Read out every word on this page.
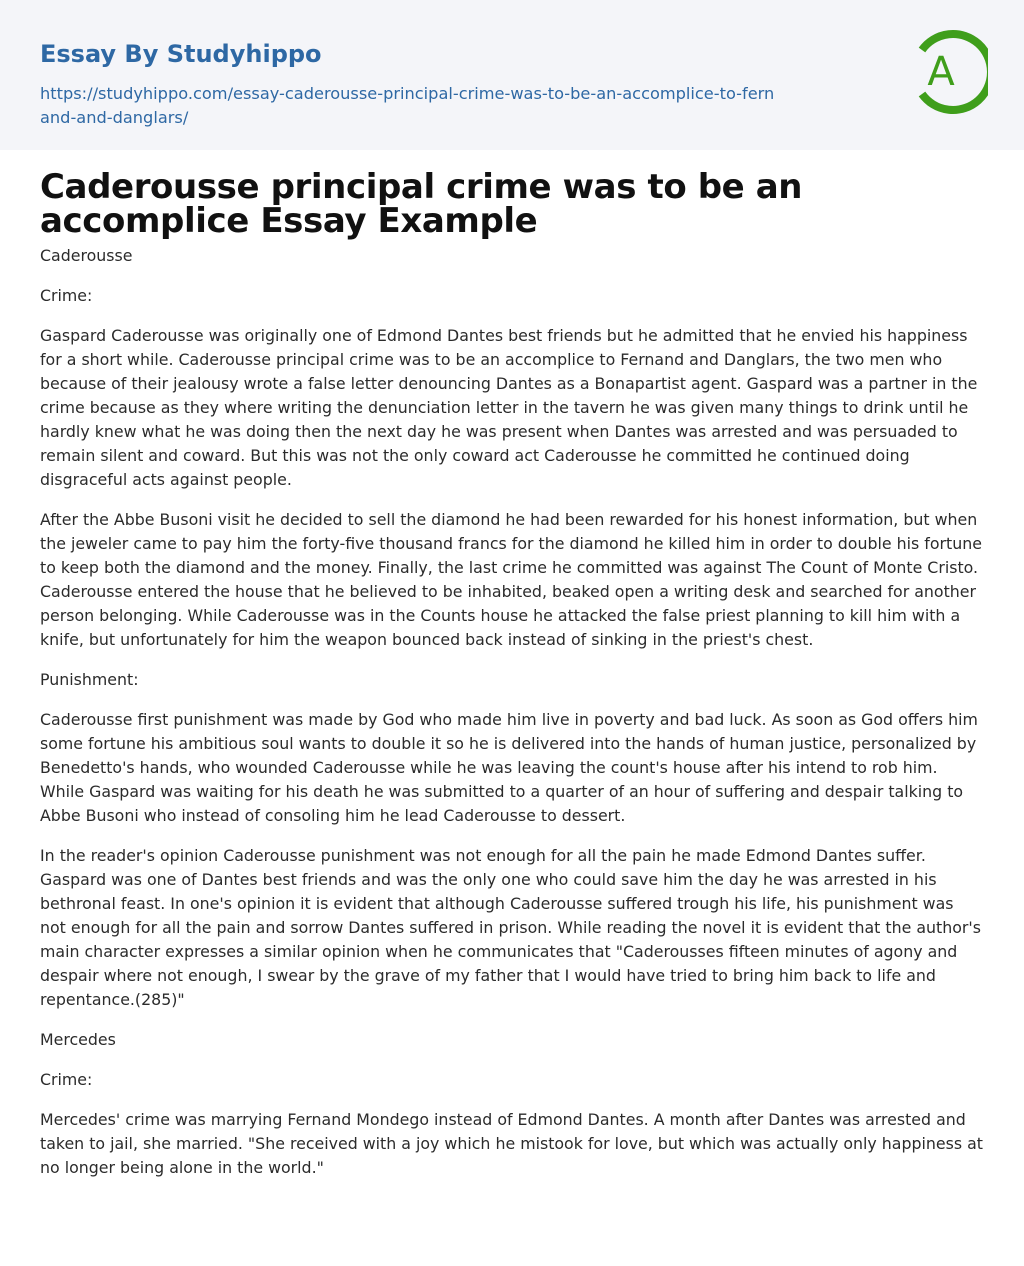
Essay By Studyhippo
https://studyhippo.com/essay-caderousse-principal-crime-was-to-be-an-accomplice-to-fernand-and-danglars/
A
Caderousse principal crime was to be an accomplice Essay Example

Caderousse

Crime:

Gaspard Caderousse was originally one of Edmond Dantes best friends but he admitted that he envied his happiness for a short while. Caderousse principal crime was to be an accomplice to Fernand and Danglars, the two men who because of their jealousy wrote a false letter denouncing Dantes as a Bonapartist agent. Gaspard was a partner in the crime because as they where writing the denunciation letter in the tavern he was given many things to drink until he hardly knew what he was doing then the next day he was present when Dantes was arrested and was persuaded to remain silent and coward. But this was not the only coward act Caderousse he committed he continued doing disgraceful acts against people.

After the Abbe Busoni visit he decided to sell the diamond he had been rewarded for his honest information, but when the jeweler came to pay him the forty-five thousand francs for the diamond he killed him in order to double his fortune to keep both the diamond and the money. Finally, the last crime he committed was against The Count of Monte Cristo. Caderousse entered the house that he believed to be inhabited, beaked open a writing desk and searched for another person belonging. While Caderousse was in the Counts house he attacked the false priest planning to kill him with a knife, but unfortunately for him the weapon bounced back instead of sinking in the priest's chest.

Punishment:

Caderousse first punishment was made by God who made him live in poverty and bad luck. As soon as God offers him some fortune his ambitious soul wants to double it so he is delivered into the hands of human justice, personalized by Benedetto's hands, who wounded Caderousse while he was leaving the count's house after his intend to rob him. While Gaspard was waiting for his death he was submitted to a quarter of an hour of suffering and despair talking to Abbe Busoni who instead of consoling him he lead Caderousse to dessert.

In the reader's opinion Caderousse punishment was not enough for all the pain he made Edmond Dantes suffer. Gaspard was one of Dantes best friends and was the only one who could save him the day he was arrested in his bethronal feast. In one's opinion it is evident that although Caderousse suffered trough his life, his punishment was not enough for all the pain and sorrow Dantes suffered in prison. While reading the novel it is evident that the author's main character expresses a similar opinion when he communicates that "Caderousses fifteen minutes of agony and despair where not enough, I swear by the grave of my father that I would have tried to bring him back to life and repentance.(285)"

Mercedes

Crime:

Mercedes' crime was marrying Fernand Mondego instead of Edmond Dantes. A month after Dantes was arrested and taken to jail, she married. "She received with a joy which he mistook for love, but which was actually only happiness at no longer being alone in the world."
